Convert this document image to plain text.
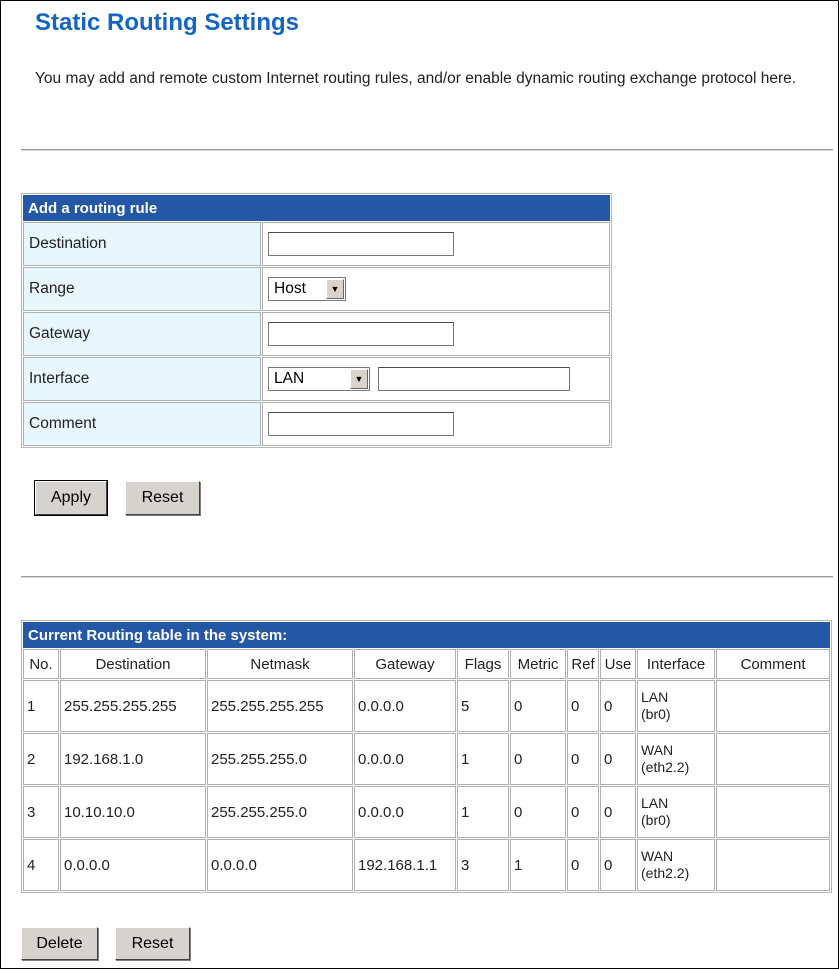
Static Routing Settings
You may add and remote custom Internet routing rules, and/or enable dynamic routing exchange protocol here.
Add a routing rule	
Destination	
Range	Host ▼

Gateway	
Interface	LAN ▼

Comment	
Apply	Reset
Current Routing table in the system:									
No.	Destination	Netmask	Gateway	Flags	Metric	Ref	Use	Interface	Comment
1	255.255.255.255	255.255.255.255	0.0.0.0	5	0	0	0	LAN
(br0)	
2	192.168.1.0	255.255.255.0	0.0.0.0	1	0	0	0	WAN
(eth2.2)	
3	10.10.10.0	255.255.255.0	0.0.0.0	1	0	0	0	LAN
(br0)	
4	0.0.0.0	0.0.0.0	192.168.1.1	3	1	0	0	WAN
(eth2.2)	
Delete	Reset
